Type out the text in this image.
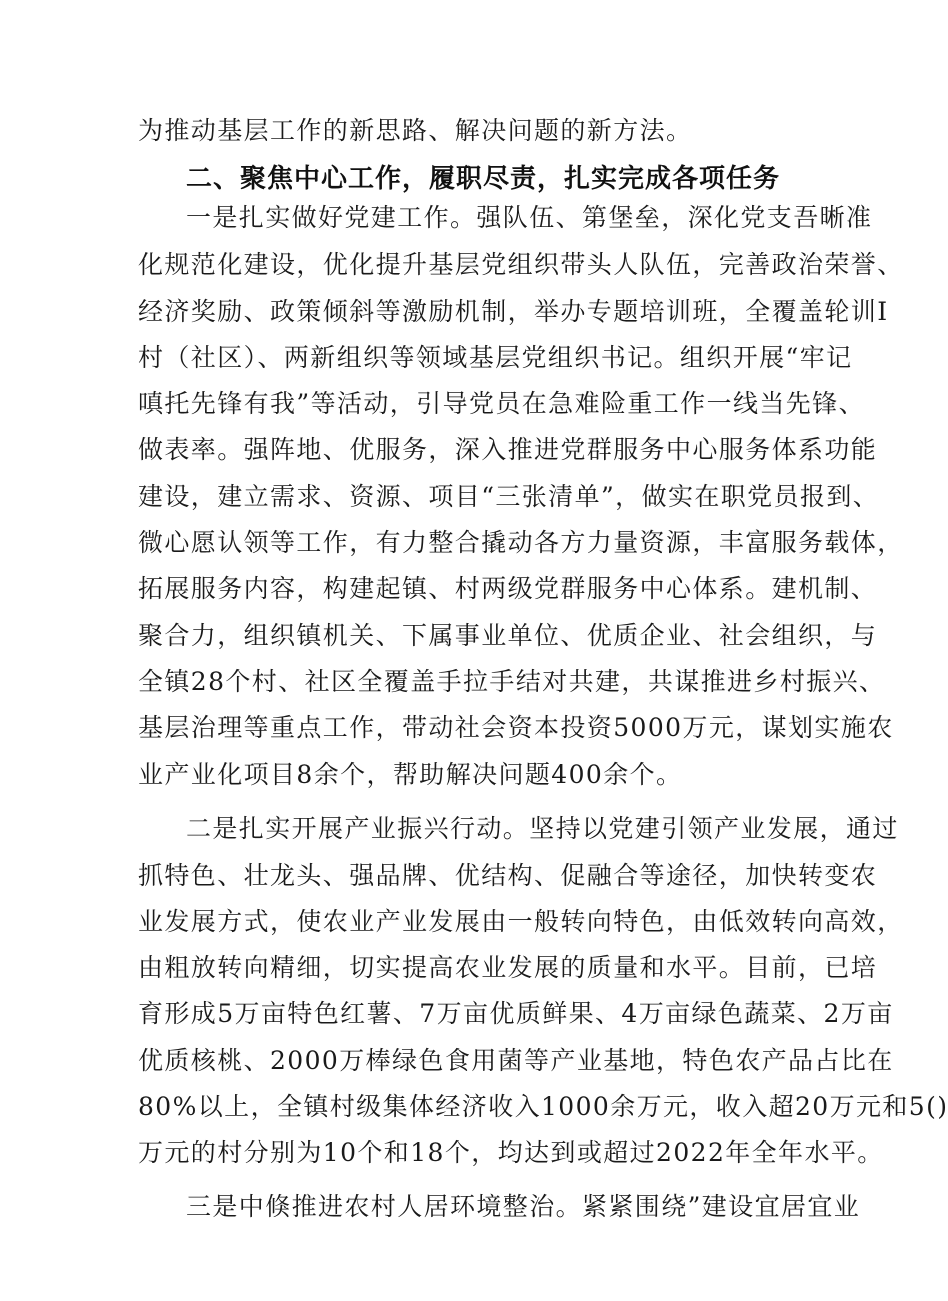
为推动基层工作的新思路、解决问题的新方法。
二、聚焦中心工作，履职尽责，扎实完成各项任务
一是扎实做好党建工作。强队伍、第堡垒，深化党支吾晰准
化规范化建设，优化提升基层党组织带头人队伍，完善政治荣誉、
经济奖励、政策倾斜等激励机制，举办专题培训班，全覆盖轮训I
村（社区）、两新组织等领域基层党组织书记。组织开展“牢记
嗔托先锋有我”等活动，引导党员在急难险重工作一线当先锋、
做表率。强阵地、优服务，深入推进党群服务中心服务体系功能
建设，建立需求、资源、项目“三张清单”，做实在职党员报到、
微心愿认领等工作，有力整合撬动各方力量资源，丰富服务载体，
拓展服务内容，构建起镇、村两级党群服务中心体系。建机制、
聚合力，组织镇机关、下属事业单位、优质企业、社会组织，与
全镇28个村、社区全覆盖手拉手结对共建，共谋推进乡村振兴、
基层治理等重点工作，带动社会资本投资5000万元，谋划实施农
业产业化项目8余个，帮助解决问题400余个。
二是扎实开展产业振兴行动。坚持以党建引领产业发展，通过
抓特色、壮龙头、强品牌、优结构、促融合等途径，加快转变农
业发展方式，使农业产业发展由一般转向特色，由低效转向高效，
由粗放转向精细，切实提高农业发展的质量和水平。目前，已培
育形成5万亩特色红薯、7万亩优质鲜果、4万亩绿色蔬菜、2万亩
优质核桃、2000万棒绿色食用菌等产业基地，特色农产品占比在
80%以上，全镇村级集体经济收入1000余万元，收入超20万元和5()
万元的村分别为10个和18个，均达到或超过2022年全年水平。
三是中倏推进农村人居环境整治。紧紧围绕”建设宜居宜业
